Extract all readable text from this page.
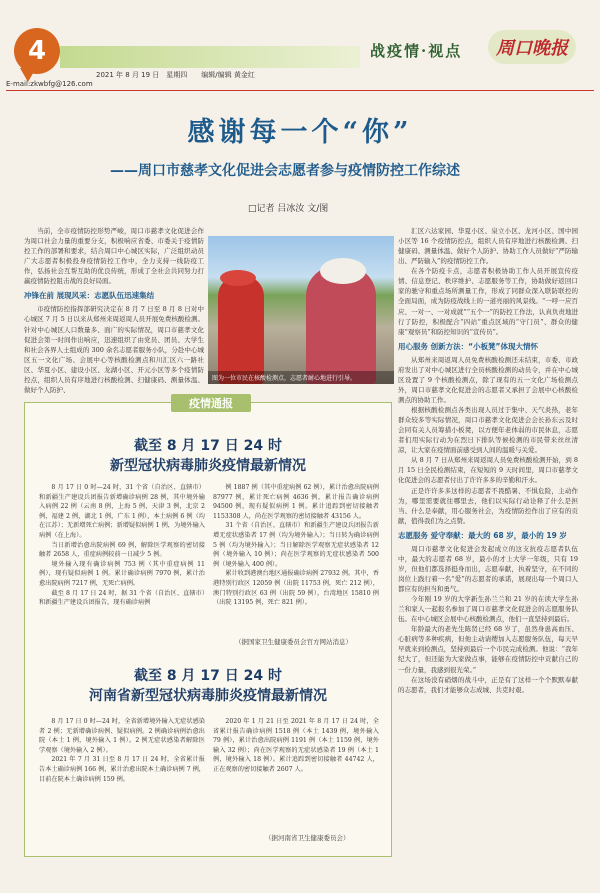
4	战疫情·视点	周口晚报
2021 年 8 月 19 日　星期四　　编辑/编辑 黄金红
E-mail:zkwbfg@126.com
感谢每一个“你”
——周口市慈孝文化促进会志愿者参与疫情防控工作综述
□记者 吕冰汝 文/图

当前，全市疫情防控形势严峻，周口市慈孝文化促进会作为周口社会力量的重要分支，积极响应省委、市委关于疫情防控工作的部署和要求，结合周口中心城区实际，广泛组织动员广大志愿者积极投身疫情防控工作中，全力支持一线防疫工作，弘扬社会互帮互助的优良传统，形成了全社会共同努力打赢疫情防控阻击战的良好局面。

冲锋在前 展现风采：志愿队伍迅速集结

市疫情防控指挥部研究决定在 8 月 7 日至 8 月 8 日对中心城区 7 月 5 日以来从郑州来周返周人员开展免费核酸检测。针对中心城区人口数量多、面广的实际情况，周口市慈孝文化促进会第一时间作出响应，迅速组织了由党员、团员、大学生和社会各界人士组成的 300 余名志愿者服务小队，分赴中心城区五一文化广场、会展中心等核酸检测点和川汇区六一路社区、华夏小区、建设小区、龙湖小区、开元小区等多个疫情防控点，组织人员有序地进行核酸检测、扫健康码、测量体温、做好个人防护、

图为一位市民在核酸检测点，志愿者耐心地进行引导。

汇区六达家园、华夏小区、泉立小区、龙河小区、国中园小区等 16 个疫情防控点，组织人员有序地进行核酸检测、扫健康码、测量体温、做好个人防护、协助工作人员做好“严防输出、严防输入”的疫情防控工作。

在各个防疫卡点，志愿者积极协助工作人员开展宣传疫情、信息登记、秩序维护、志愿服务等工作，协助做好返回口家的驰守和重点场所测量工作，形成了同群众深入联防联控的全面局面，成为防疫战线上的一道亮丽的风景线。“一呼一应百应、一对一、一对成就”“五个一”的防控工作法，认真负责地进行了防控，积极配合“四站”重点区域的“守门员”、群众的健康“观察员”和防控知识的“宣传员”。

用心服务 创新方法：“小板凳”体现大情怀

从郑州来周返周人员免费核酸检测还未结束，市委、市政府发出了对中心城区进行全员核酸检测的动员令，并在中心城区设置了 9 个核酸检测点，除了现有的五一文化广场检测点外，周口市慈孝文化促进会的志愿者又承担了会展中心核酸检测点的协助工作。

根据核酸检测点各类出现人员过于集中、天气炎热，老年群众较多等实际情况，周口市慈孝文化促进会会长孙东云及时会同有关人员筹措小板凳，以方便年老体弱的市民休息，志愿者们用实际行动为在烈日下排队等候检测的市民带来丝丝清凉，让大家在疫情面前感受到人间的温暖与关爱。

从 8 月 7 日从郑州来周返周人员免费核酸检测开始，到 8 月 15 日全民检测结束，在短短的 9 天时间里，周口市慈孝文化促进会的志愿者付出了许许多多的辛勤和汗水。

正是许许多多这样的志愿者不畏酷暑、不惧危险，主动作为，哪里需要就往哪里去，他们以实际行动诠释了什么是担当、什么是奉献，用心服务社会，为疫情防控作出了应有的贡献，值得我们为之点赞。

志愿服务 爱守奉献：最大的 68 岁，最小的 19 岁

周口市慈孝文化促进会发起成立的这支抗疫志愿者队伍中，最大的志愿者 68 岁，最小的才上大学一年级，只有 19 岁，但他们都选择挺身而出，志愿奉献，执着坚守，在不同的岗位上践行着一名“爱”的志愿者的承诺，展现出每一个周口人都应有的担当和勇气。

今年刚 19 岁的大学新生孙兰兰和 21 岁的在读大学生孙兰和家人一起报名参加了周口市慈孝文化促进会的志愿服务队伍。在中心城区会展中心核酸检测点，他们一直坚持到最后。

年龄最大的老先生陈贤已经 68 岁了，虽然身患高血压、心脏病等多种疾病，但他主动请缨加入志愿服务队伍，每天早早就来到检测点，坚持到最后一个市民完成检测。他说：“我年纪大了，但还能为大家做点事，能够在疫情防控中贡献自己的一份力量，我感到很光荣。”

在这场没有硝烟的战斗中，正是有了这样一个个默默奉献的志愿者，我们才能够众志成城、共克时艰。

疫情通报
截至 8 月 17 日 24 时
新型冠状病毒肺炎疫情最新情况

8 月 17 日 0 时—24 时，31 个省（自治区、直辖市）和新疆生产建设兵团报告新增确诊病例 28 例，其中境外输入病例 22 例（云南 8 例，上海 5 例，天津 3 例，北京 2 例，福建 2 例，湖北 1 例，广东 1 例），本土病例 6 例（均在江苏）；无新增死亡病例；新增疑似病例 1 例，为境外输入病例（在上海）。

当日新增治愈出院病例 69 例，解除医学观察的密切接触者 2658 人，重症病例较前一日减少 5 例。

境外输入现有确诊病例 753 例（其中重症病例 11 例），现有疑似病例 1 例。累计确诊病例 7970 例，累计治愈出院病例 7217 例，无死亡病例。

截至 8 月 17 日 24 时，据 31 个省（自治区、直辖市）和新疆生产建设兵团报告，现有确诊病例

例 1887 例（其中重症病例 62 例），累计治愈出院病例 87977 例，累计死亡病例 4636 例，累计报告确诊病例 94500 例，现有疑似病例 1 例。累计追踪到密切接触者 1153308 人，尚在医学观察的密切接触者 43156 人。

31 个省（自治区、直辖市）和新疆生产建设兵团报告新增无症状感染者 17 例（均为境外输入）；当日转为确诊病例 5 例（均为境外输入）；当日解除医学观察无症状感染者 12 例（境外输入 10 例）；尚在医学观察的无症状感染者 500 例（境外输入 400 例）。

累计收到港澳台地区通报确诊病例 27932 例。其中，香港特别行政区 12059 例（出院 11753 例，死亡 212 例），澳门特别行政区 63 例（出院 59 例），台湾地区 15810 例（出院 13195 例，死亡 821 例）。

（据国家卫生健康委员会官方网站消息）
截至 8 月 17 日 24 时
河南省新型冠状病毒肺炎疫情最新情况

8 月 17 日 0 时—24 时，全省新增境外输入无症状感染者 2 例；无新增确诊病例、疑似病例。2 例确诊病例治愈出院（本土 1 例，境外输入 1 例）。2 例无症状感染者解除医学观察（境外输入 2 例）。

2021 年 7 月 31 日至 8 月 17 日 24 时，全省累计报告本土确诊病例 166 例，累计治愈出院本土确诊病例 7 例，目前在院本土确诊病例 159 例。

2020 年 1 月 21 日至 2021 年 8 月 17 日 24 时，全省累计报告确诊病例 1518 例（本土 1439 例，境外输入 79 例），累计治愈出院病例 1191 例（本土 1159 例，境外输入 32 例）；尚在医学观察的无症状感染者 19 例（本土 1 例，境外输入 18 例）。累计追踪到密切接触者 44742 人，正在观察的密切接触者 2607 人。

（据河南省卫生健康委员会）
